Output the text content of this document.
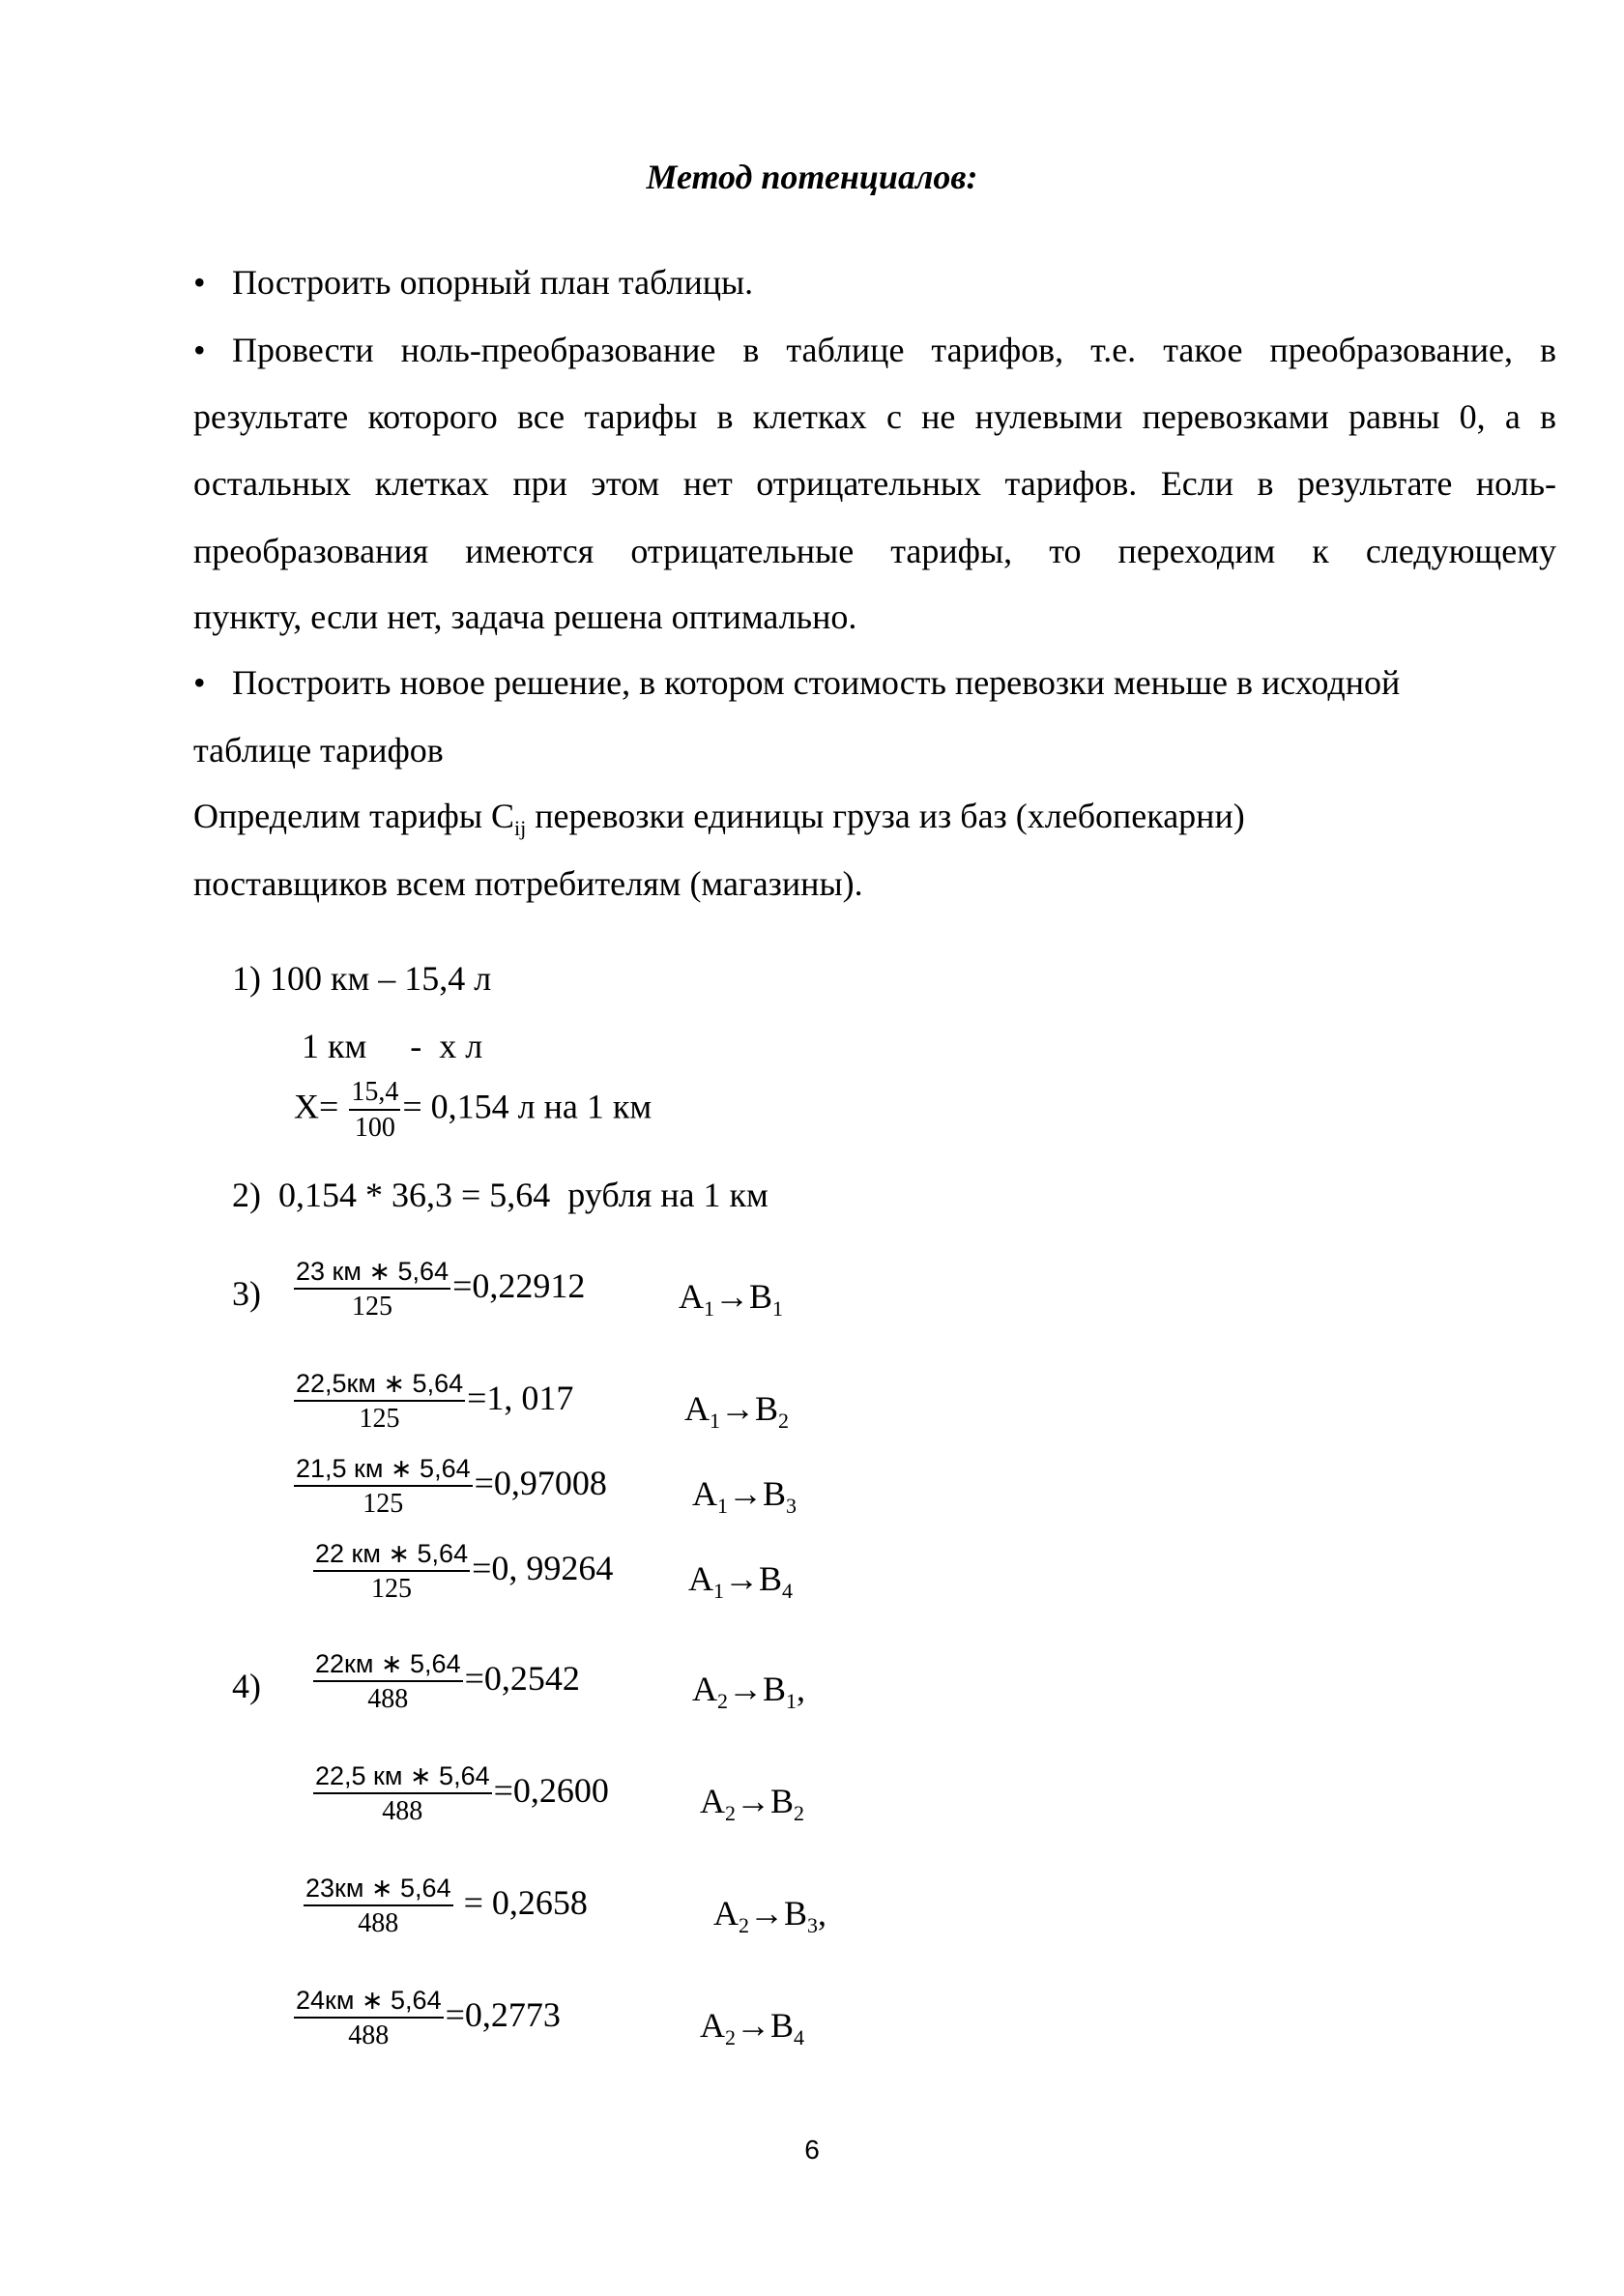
Метод потенциалов:
• Построить опорный план таблицы.
• Провести ноль-преобразование в таблице тарифов, т.е. такое преобразование, в
результате которого все тарифы в клетках с не нулевыми перевозками равны 0, а в
остальных клетках при этом нет отрицательных тарифов. Если в результате ноль-
преобразования имеются отрицательные тарифы, то переходим к следующему
пункту, если нет, задача решена оптимально.
• Построить новое решение, в котором стоимость перевозки меньше в исходной
таблице тарифов
Определим тарифы $C_{ij}$ перевозки единицы груза из баз (хлебопекарни)
поставщиков всем потребителям (магазины).
1) 100 км – 15,4 л
1 км     -  х л
$X= \frac{15,4}{100} = 0,154$ л на 1 км
2)  0,154 * 36,3 = 5,64  рубля на 1 км
$3) \frac{23 км ∗ 5,64}{125} =0,22912$	$A_1\to B_1$
$\frac{22,5км ∗ 5,64}{125} =1$, 017	$A_1\to B_2$
$\frac{21,5 км ∗ 5,64}{125} =0,97008$ $A_1\to B_3$
$\frac{22 км ∗ 5,64}{125} =0$, 99264 $A_1\to B_4$
$4) \frac{22км ∗ 5,64}{488} =0,2542$	$A_2\to B_1$,
$\frac{22,5 км ∗ 5,64}{488} =0,2600$	$A_2\to B_2$
$\frac{23км ∗ 5,64}{488} = 0,2658$	$A_2\to B_3$,
$\frac{24км ∗ 5,64}{488} =0,2773$	$A_2\to B_4$
6
